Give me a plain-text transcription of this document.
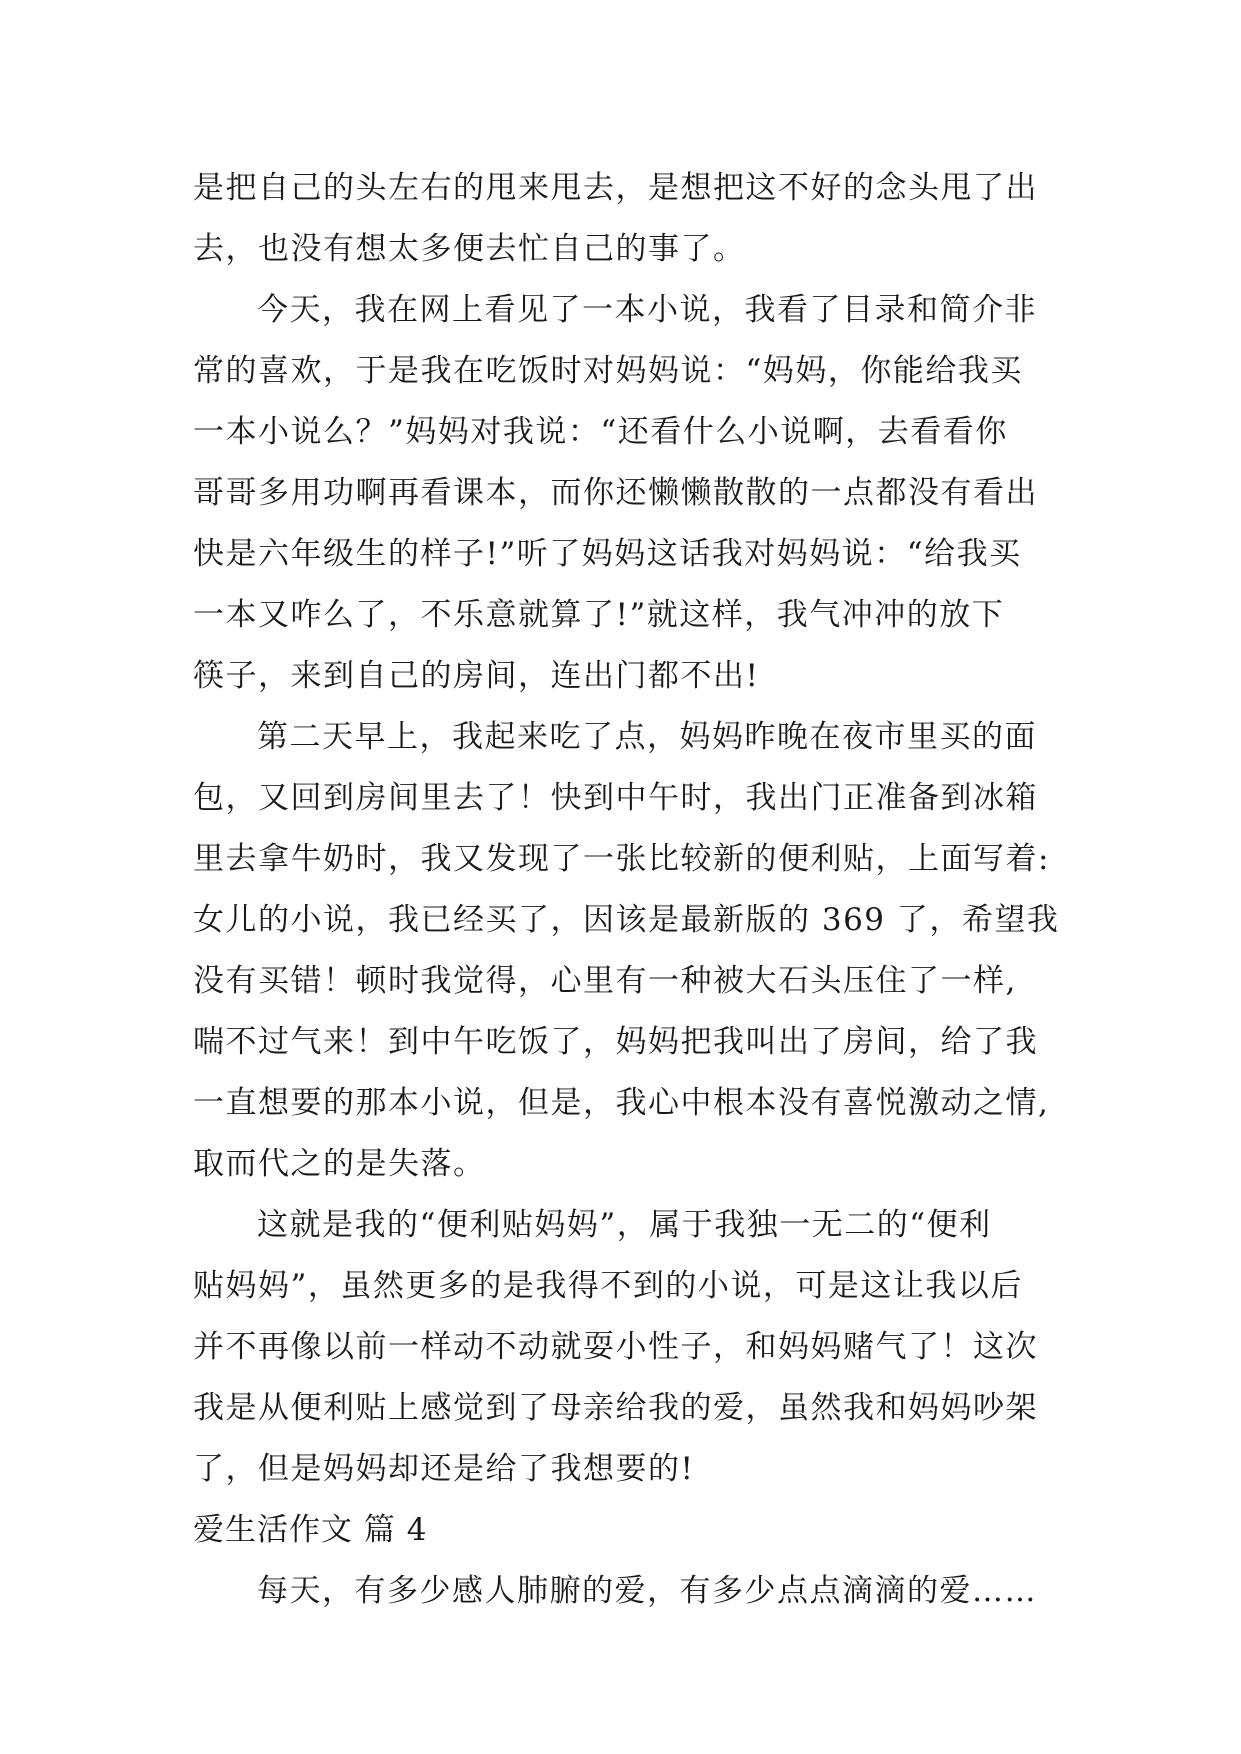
是把自己的头左右的甩来甩去，是想把这不好的念头甩了出
去，也没有想太多便去忙自己的事了。
今天，我在网上看见了一本小说，我看了目录和简介非
常的喜欢，于是我在吃饭时对妈妈说：“妈妈，你能给我买
一本小说么？”妈妈对我说：“还看什么小说啊，去看看你
哥哥多用功啊再看课本，而你还懒懒散散的一点都没有看出
快是六年级生的样子!”听了妈妈这话我对妈妈说：“给我买
一本又咋么了，不乐意就算了!”就这样，我气冲冲的放下
筷子，来到自己的房间，连出门都不出!
第二天早上，我起来吃了点，妈妈昨晚在夜市里买的面
包，又回到房间里去了！快到中午时，我出门正准备到冰箱
里去拿牛奶时，我又发现了一张比较新的便利贴，上面写着:
女儿的小说，我已经买了，因该是最新版的 369 了，希望我
没有买错！顿时我觉得，心里有一种被大石头压住了一样,
喘不过气来！到中午吃饭了，妈妈把我叫出了房间，给了我
一直想要的那本小说，但是，我心中根本没有喜悦激动之情,
取而代之的是失落。
这就是我的“便利贴妈妈”，属于我独一无二的“便利
贴妈妈”，虽然更多的是我得不到的小说，可是这让我以后
并不再像以前一样动不动就耍小性子，和妈妈赌气了！这次
我是从便利贴上感觉到了母亲给我的爱，虽然我和妈妈吵架
了，但是妈妈却还是给了我想要的!
爱生活作文 篇 4
每天，有多少感人肺腑的爱，有多少点点滴滴的爱……
